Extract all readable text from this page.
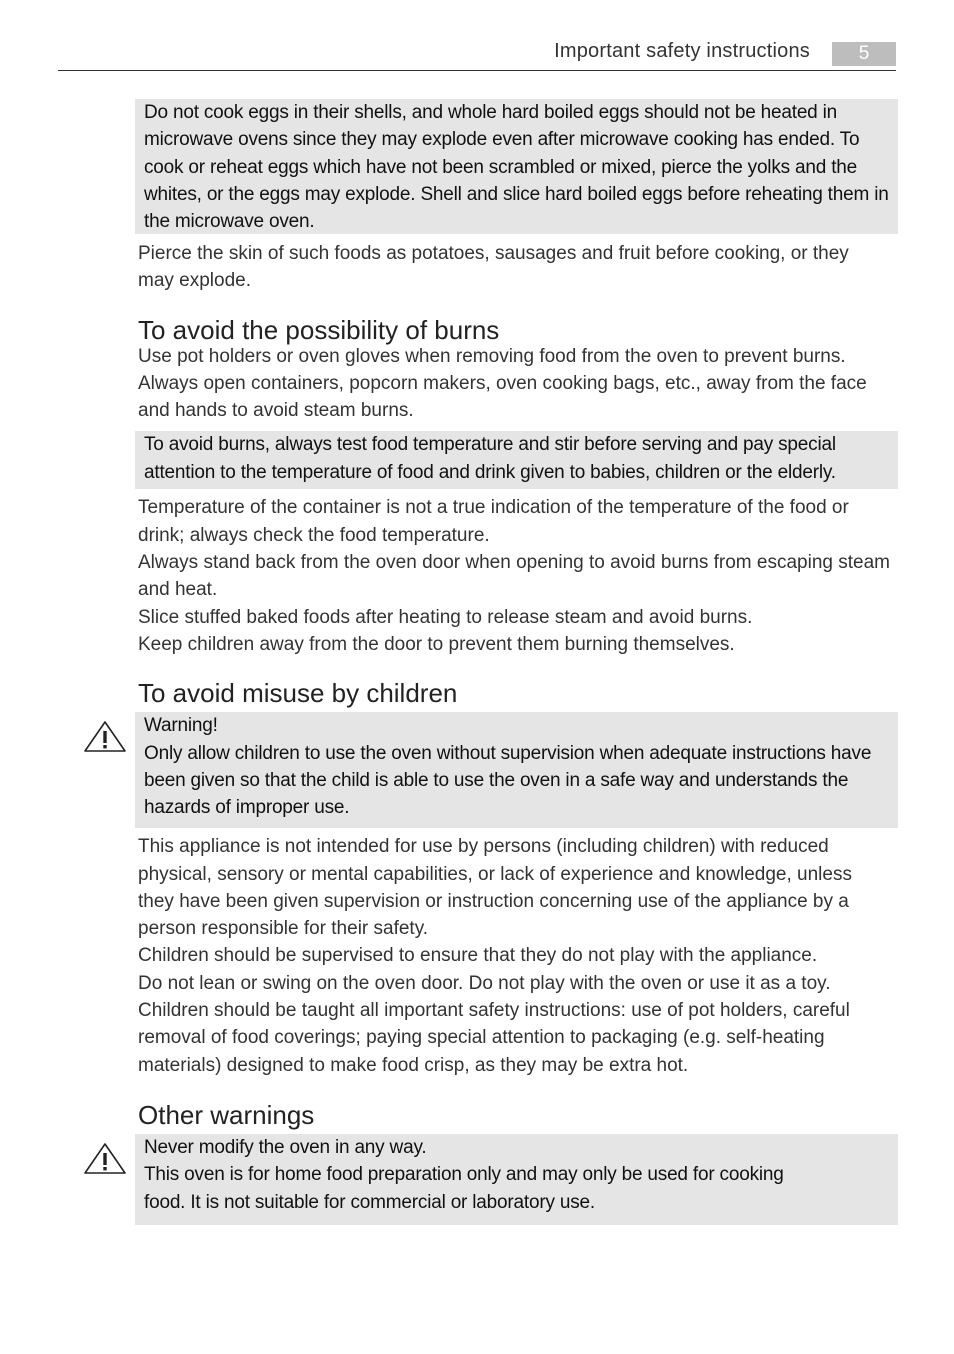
Important safety instructions	5

Do not cook eggs in their shells, and whole hard boiled eggs should not be heated in microwave ovens since they may explode even after microwave cooking has ended. To cook or reheat eggs which have not been scrambled or mixed, pierce the yolks and the whites, or the eggs may explode. Shell and slice hard boiled eggs before reheating them in the microwave oven.

Pierce the skin of such foods as potatoes, sausages and fruit before cooking, or they may explode.

To avoid the possibility of burns

Use pot holders or oven gloves when removing food from the oven to prevent burns.

Always open containers, popcorn makers, oven cooking bags, etc., away from the face and hands to avoid steam burns.

To avoid burns, always test food temperature and stir before serving and pay special attention to the temperature of food and drink given to babies, children or the elderly.

Temperature of the container is not a true indication of the temperature of the food or drink; always check the food temperature.

Always stand back from the oven door when opening to avoid burns from escaping steam and heat.

Slice stuffed baked foods after heating to release steam and avoid burns.

Keep children away from the door to prevent them burning themselves.

To avoid misuse by children

Warning!

Only allow children to use the oven without supervision when adequate instructions have been given so that the child is able to use the oven in a safe way and understands the hazards of improper use.

This appliance is not intended for use by persons (including children) with reduced physical, sensory or mental capabilities, or lack of experience and knowledge, unless they have been given supervision or instruction concerning use of the appliance by a person responsible for their safety.

Children should be supervised to ensure that they do not play with the appliance.

Do not lean or swing on the oven door. Do not play with the oven or use it as a toy.

Children should be taught all important safety instructions: use of pot holders, careful removal of food coverings; paying special attention to packaging (e.g. self-heating materials) designed to make food crisp, as they may be extra hot.

Other warnings

Never modify the oven in any way.

This oven is for home food preparation only and may only be used for cooking food. It is not suitable for commercial or laboratory use.
